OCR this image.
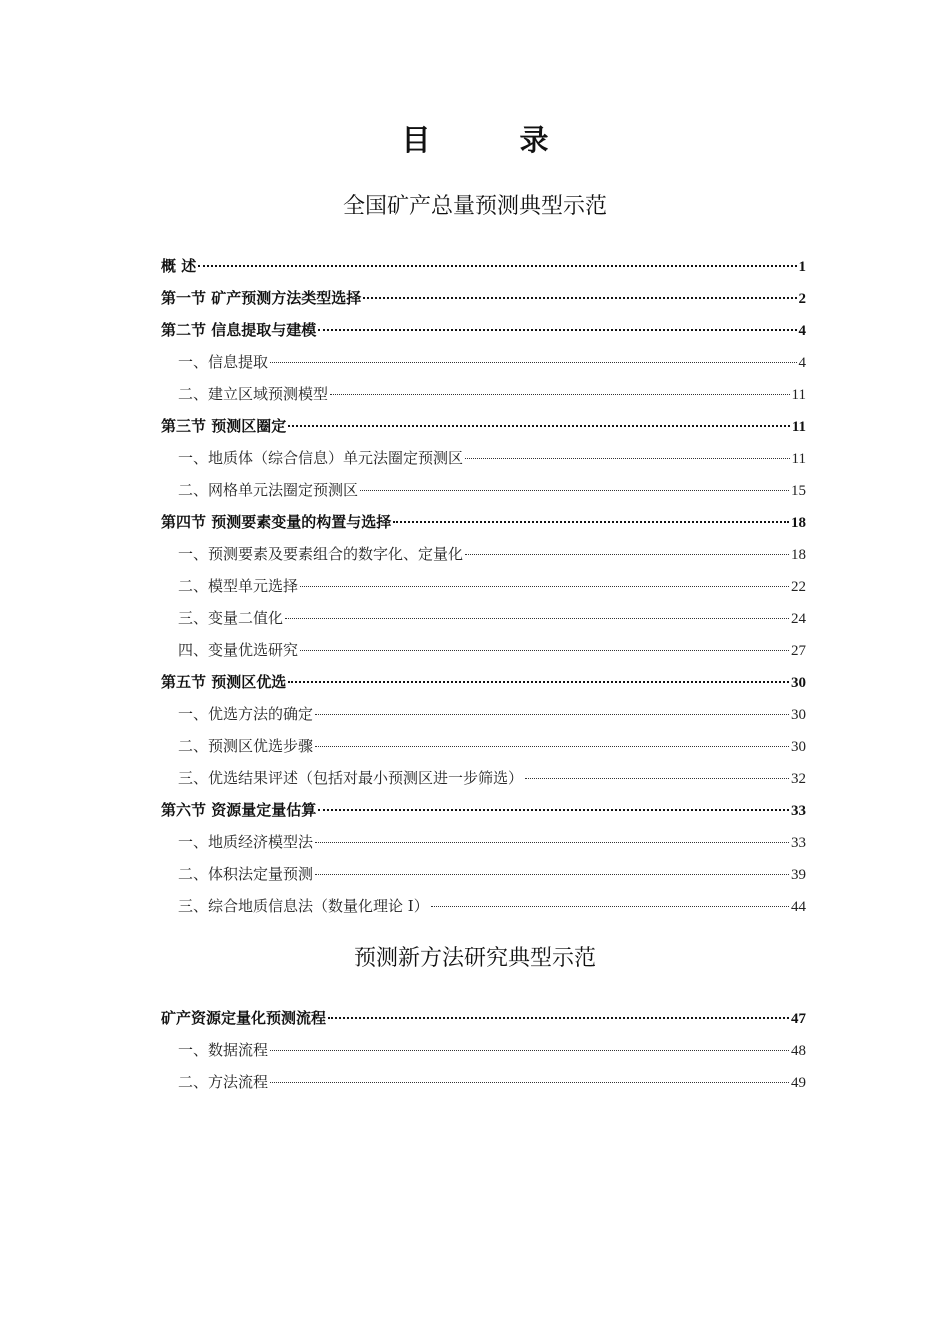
目　录
全国矿产总量预测典型示范
概 述	1
第一节 矿产预测方法类型选择	2
第二节 信息提取与建模	4
一、信息提取	4
二、建立区域预测模型	11
第三节 预测区圈定	11
一、地质体（综合信息）单元法圈定预测区	11
二、网格单元法圈定预测区	15
第四节 预测要素变量的构置与选择	18
一、预测要素及要素组合的数字化、定量化	18
二、模型单元选择	22
三、变量二值化	24
四、变量优选研究	27
第五节 预测区优选	30
一、优选方法的确定	30
二、预测区优选步骤	30
三、优选结果评述（包括对最小预测区进一步筛选）	32
第六节 资源量定量估算	33
一、地质经济模型法	33
二、体积法定量预测	39
三、综合地质信息法（数量化理论 I）	44
预测新方法研究典型示范
矿产资源定量化预测流程	47
一、数据流程	48
二、方法流程	49
